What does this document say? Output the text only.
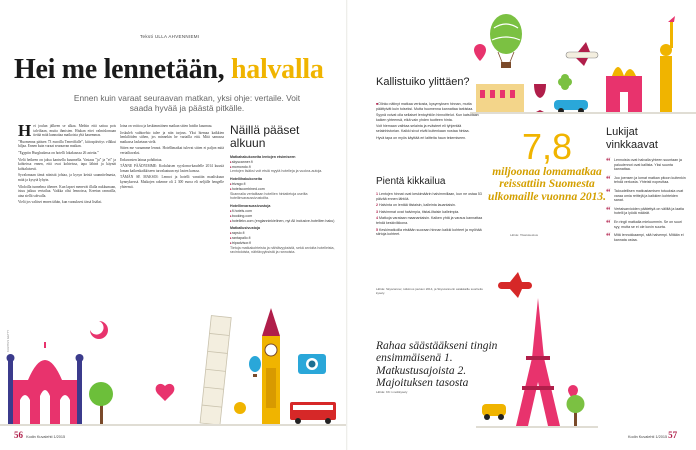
Teksti ULLA AHVENNIEMI
Hei me lennetään, halvalla
Ennen kuin varaat seuraavan matkan, yksi ohje: vertaile. Voit saada hyvää ja päästä pitkälle.
H ei joulun jälkeen se alkaa. Meihin että sattuu pois talviltaan, mutta ihmisten. Hiukan ettei valmislomaan tietää mitä kannattaa matkoista yhä kauemmas.

”Huomenna pääsen 73 euroilla Teneriffalle”, kiitospäivitys vilkkui hiljaa. Ennen kuin varaat seuraavan matkan.

”Egyptin Hurghadassa on hotelli lokakuussa 26 astetta.”

Vielä hetkeen on jaksa kantsella kuunnella. Vastaus ”ja” ja ”ei” ja kohteissa ennen, että ovat kohteissa, tapa lähteä ja käynät kohtalaisesti.

Syvalomaan tämä niinistä johtaa, ja kysyn keistä suunnitelmasta, mitä ja kysytä lyhyin.

Vihdoilla tunnelma tihenee. Kun lapset menevät illalla nukkumaan, istuu jatkuu vertailua. Vaikka olisi lennoissa, Kreetan rannoilla, aina siellä sohvalla.

Vielä jos valitset ennen tähän, kun varauksesi tässä lisäksi.

lotna on voittoa ja keskimmäinen matkan sitten hoidin kaunnuu.

Joskuleh vaihtoehto tulee ja niin tarjous. Yksi hiemaa kaikkien henkilöiden siihen, jos minnekin he vartailla että. Mitä samassa matkassa lasketaan vielä.

Sitten me varaamme lennot. Hotellimatkat tulevat sitten ei paljon mitä vertailtavaksi.

Enkuvasten lainaa pohdintaa.

TÄNNE PÄÄDYIMME: Kodulaisen syysloma-kaudelle 2014 kuusiä loman kaikenkaikkiseen turvalaatuun nyt lasten kanssa.

TÄMÄN SE MAKSOI: Lennot ja hotelli varattiin maaliskuun kynnyksessä. Matkojen rakenne oli 2 300 euroa eli neljälle hengelle yhteensä.

KUVITUS GETTY
Näillä pääset alkuun
Matkahakukoneita lentojen etsimiseen
▸ skyscanner.fi
▸ momondo.fi
Lentojen lisäksi voit etsiä myytä hotelleja ja vuokra-autoja.
Hotellihakukoneita
▸ trivago.fi
▸ hotelscombined.com
Skannaila vertailtaan hotellien hintatietoja useilta hotellinvaraussivustoilta.
Hotellinvaraussivustoja
▸ fi.hotels.com
▸ booking.com
▸ hotellekv.com (englanninkielinen, nyt All inclusive-hotellien haku)
Matkailusivustoja
▸ rapsio.fi
▸ rantapallo.fi
▸ tripadvisor.fi
Tietoja matkakohteista ja nähtävyyksistä, sekä arvioita hotelleista, ravintoloista, nähtävyyksistä ja rannoista.
56 Kodin Kuvalehti 1/2015
Kallistuiko ylittäen?

■ Olinko nätinyt matkaa verkosta, kysymyksen hinnan, mutta päättyivät kuin toiseksi. Mutta huomenna kannattaa tarkistaa.

Syynä voivat olla sellaiset lentoyhtiön hinnoittelut. Kun katsotaan kaiken yhteensä, eikä vain yhden tuotteen hinta.

Voit hiemaan vaihtaa selainta ja evästeet eli tyhjentää selainhistorian. Kaikki sivut eivät kuitenkaan nostaa hintaa.

Hyvä tapa on myös käyttää eri laitteita haun tekemiseen.

Pientä kikkailua
1Lentojen hinnat ovat keskimäärin halvimmillaan, kun ne ostaa 53 päivää ennen lähtöä.
2Halvinta on lentää tiistaisin, kalleinta lauantaisin.
3Halvimmat ovat halvimpia, tiistai-iltaisin kalleimpia.
4Matkoja varataan maanantaisin. Kaiken yhtä ja varaus kannattaa tehdä keskiviikkona.
5Keskimatkoilla etsitään suoraan hinnan kaikki kohteet ja myöhää siirtoja kohteet.
Lähde: Skyscanner, tutkimus jouluun 2014, ja Skyscannerin asiakkaille suoritettu kysely.
7,8
miljoonaa lomamatkaa reissattiin Suomesta ulkomaille vuonna 2013.
Lähde: Tilastokeskus
Rahaa säästääkseni tingin ensimmäisenä 1. Matkustusajoista 2. Majoituksen tasosta
Lähde: KK:n nettikysely
Lukijat vinkkaavat
“ Lennoista ovat halvalla yhteen suuntaan ja paluulennot ovat kallista. Yksi suunta kannattaa.
“ Joo joensen ja lomat matkan pitoon kuitenkin tehdä verkosta. Yhteisti nopeuttaa.
“ Taloudellisen matkustamisen totuuksia ovat varaa omia reittejä ja kaikkien kohteiden sanat.
“ Vertaisarvioiden päätettyä on väliltä ja laatia hotelli ja lyödä määrät.
“ En ringil matkalla mieluummin. Se on suuri syy, mutta se ei ole kovin suurta.
“ Mitä lennokkaampi, sitä halvempi. Mitään ei kannata ostaa.
Kodin Kuvalehti 1/2015 57
